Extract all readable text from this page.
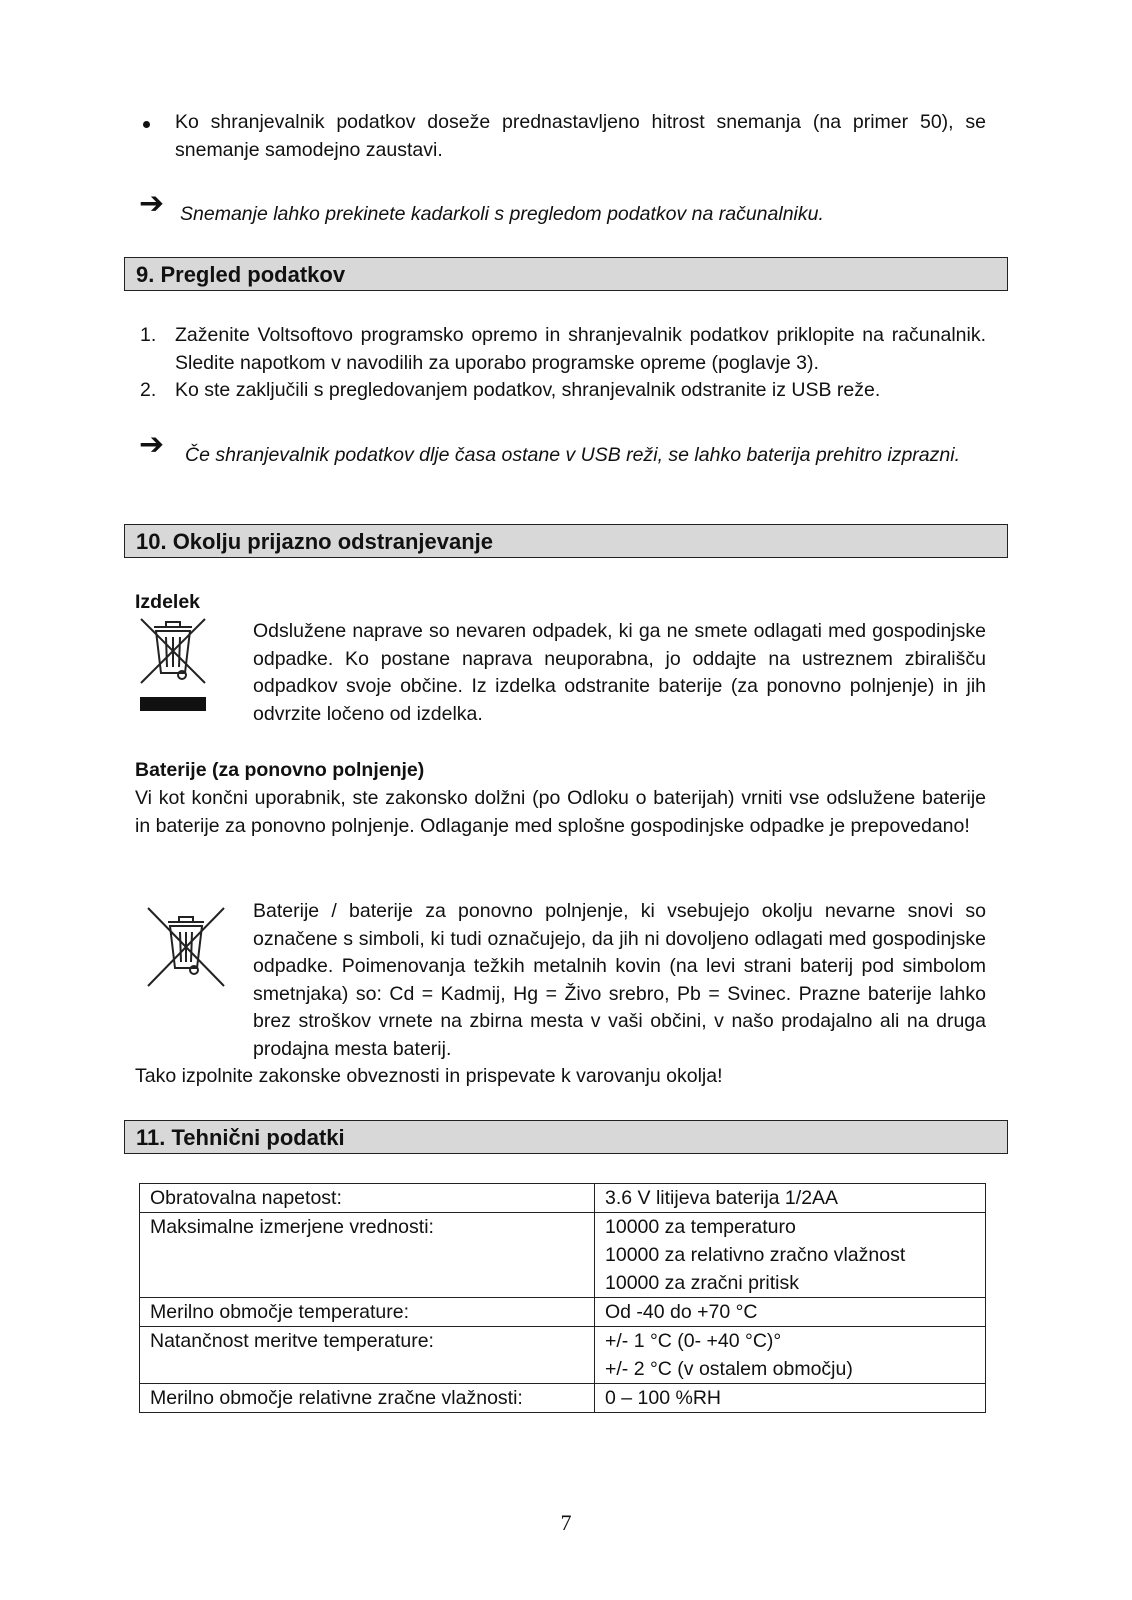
Ko shranjevalnik podatkov doseže prednastavljeno hitrost snemanja (na primer 50), se snemanje samodejno zaustavi.
➔ Snemanje lahko prekinete kadarkoli s pregledom podatkov na računalniku.
9. Pregled podatkov
1. Zaženite Voltsoftovo programsko opremo in shranjevalnik podatkov priklopite na računalnik. Sledite napotkom v navodilih za uporabo programske opreme (poglavje 3).
2. Ko ste zaključili s pregledovanjem podatkov, shranjevalnik odstranite iz USB reže.
➔	Če shranjevalnik podatkov dlje časa ostane v USB reži, se lahko baterija prehitro izprazni.
10. Okolju prijazno odstranjevanje
Izdelek
Odslužene naprave so nevaren odpadek, ki ga ne smete odlagati med gospodinjske odpadke. Ko postane naprava neuporabna, jo oddajte na ustreznem zbirališču odpadkov svoje občine. Iz izdelka odstranite baterije (za ponovno polnjenje) in jih odvrzite ločeno od izdelka.
Baterije (za ponovno polnjenje)
Vi kot končni uporabnik, ste zakonsko dolžni (po Odloku o baterijah) vrniti vse odslužene baterije in baterije za ponovno polnjenje. Odlaganje med splošne gospodinjske odpadke je prepovedano!
Baterije / baterije za ponovno polnjenje, ki vsebujejo okolju nevarne snovi so označene s simboli, ki tudi označujejo, da jih ni dovoljeno odlagati med gospodinjske odpadke. Poimenovanja težkih metalnih kovin (na levi strani baterij pod simbolom smetnjaka) so: Cd = Kadmij, Hg = Živo srebro, Pb = Svinec. Prazne baterije lahko brez stroškov vrnete na zbirna mesta v vaši občini, v našo prodajalno ali na druga prodajna mesta baterij.
Tako izpolnite zakonske obveznosti in prispevate k varovanju okolja!
11. Tehnični podatki
Obratovalna napetost:	3.6 V litijeva baterija 1/2AA

Maksimalne izmerjene vrednosti:	10000 za temperaturo
10000 za relativno zračno vlažnost
10000 za zračni pritisk

Merilno območje temperature:	Od -40 do +70 °C

Natančnost meritve temperature:	+/- 1 °C (0- +40 °C)°
+/- 2 °C (v ostalem območju)

Merilno območje relativne zračne vlažnosti:	0 – 100 %RH
7
